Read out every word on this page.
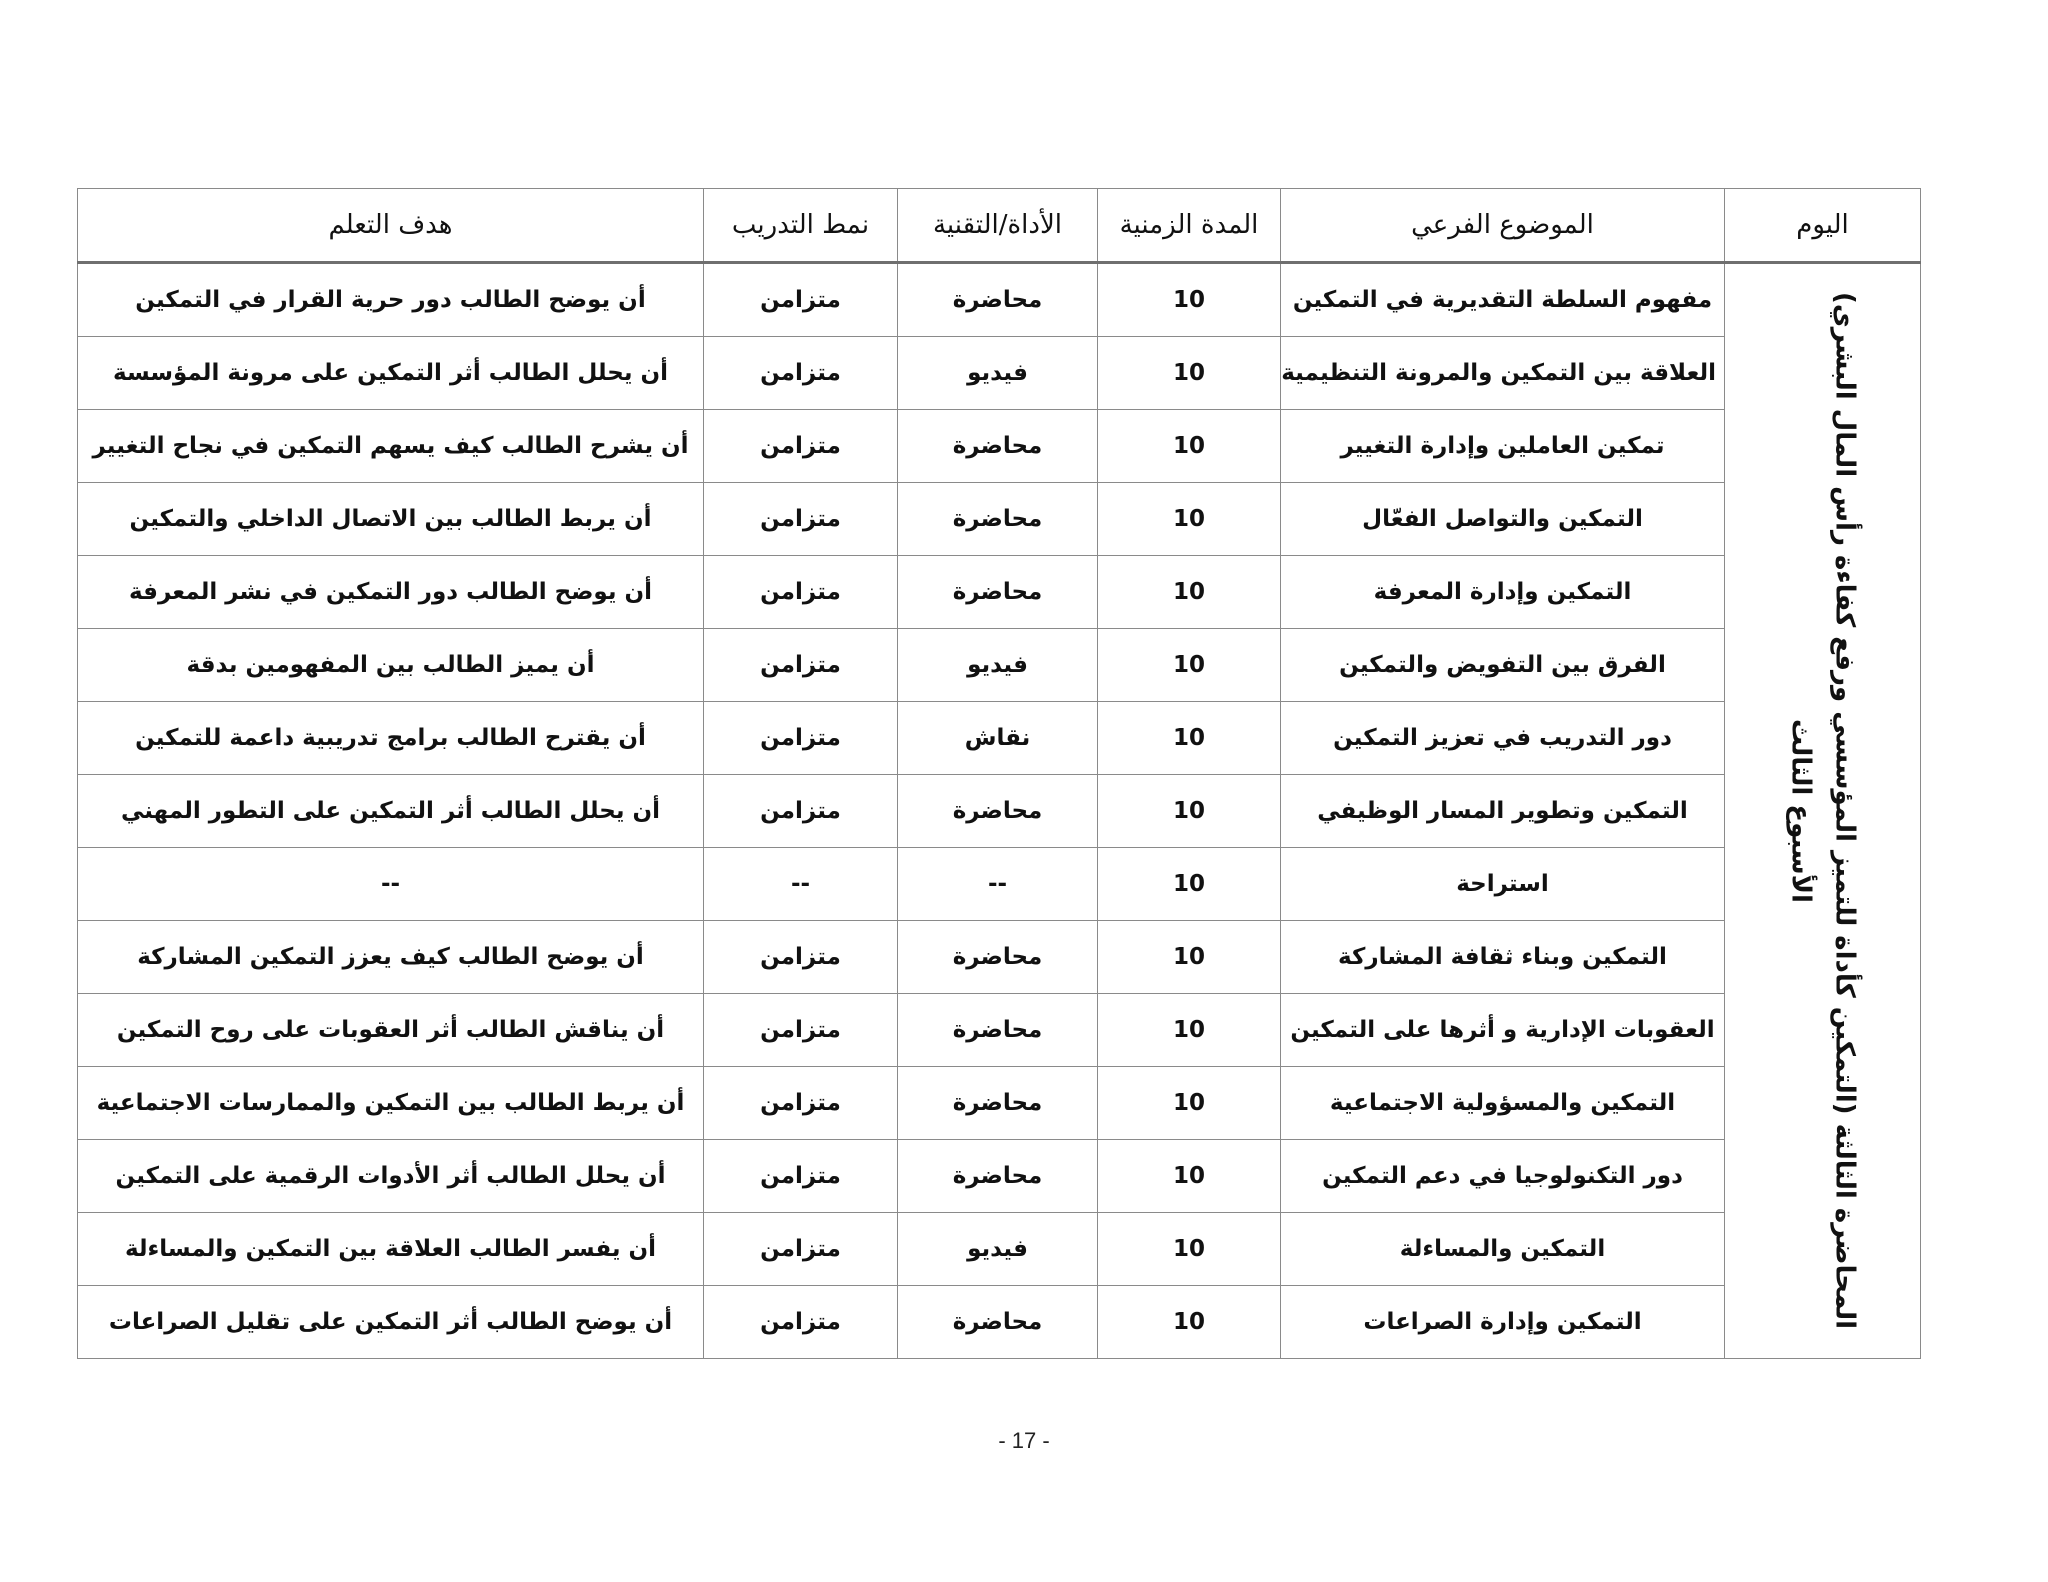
اليوم	الموضوع الفرعي	المدة الزمنية	الأداة/التقنية	نمط التدريب	هدف التعلم

المحاضرة الثالثة (التمكين كأداة للتميز المؤسسي ورفع كفاءة رأس المال البشري)
الأسبوع الثالث	مفهوم السلطة التقديرية في التمكين	10	محاضرة	متزامن	أن يوضح الطالب دور حرية القرار في التمكين
	العلاقة بين التمكين والمرونة التنظيمية	10	فيديو	متزامن	أن يحلل الطالب أثر التمكين على مرونة المؤسسة
	تمكين العاملين وإدارة التغيير	10	محاضرة	متزامن	أن يشرح الطالب كيف يسهم التمكين في نجاح التغيير
	التمكين والتواصل الفعّال	10	محاضرة	متزامن	أن يربط الطالب بين الاتصال الداخلي والتمكين
	التمكين وإدارة المعرفة	10	محاضرة	متزامن	أن يوضح الطالب دور التمكين في نشر المعرفة
	الفرق بين التفويض والتمكين	10	فيديو	متزامن	أن يميز الطالب بين المفهومين بدقة
	دور التدريب في تعزيز التمكين	10	نقاش	متزامن	أن يقترح الطالب برامج تدريبية داعمة للتمكين
	التمكين وتطوير المسار الوظيفي	10	محاضرة	متزامن	أن يحلل الطالب أثر التمكين على التطور المهني
	استراحة	10	--	--	--
	التمكين وبناء ثقافة المشاركة	10	محاضرة	متزامن	أن يوضح الطالب كيف يعزز التمكين المشاركة
	العقوبات الإدارية و أثرها على التمكين	10	محاضرة	متزامن	أن يناقش الطالب أثر العقوبات على روح التمكين
	التمكين والمسؤولية الاجتماعية	10	محاضرة	متزامن	أن يربط الطالب بين التمكين والممارسات الاجتماعية
	دور التكنولوجيا في دعم التمكين	10	محاضرة	متزامن	أن يحلل الطالب أثر الأدوات الرقمية على التمكين
	التمكين والمساءلة	10	فيديو	متزامن	أن يفسر الطالب العلاقة بين التمكين والمساءلة
	التمكين وإدارة الصراعات	10	محاضرة	متزامن	أن يوضح الطالب أثر التمكين على تقليل الصراعات
- 17 -
